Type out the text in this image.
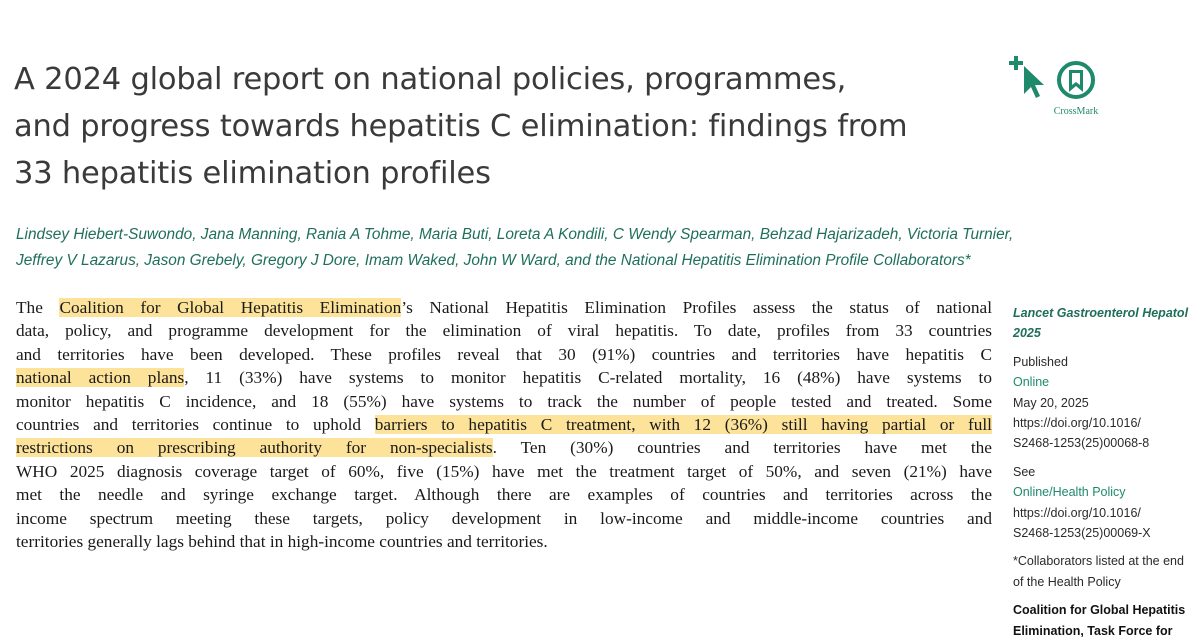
A 2024 global report on national policies, programmes,
and progress towards hepatitis C elimination: findings from
33 hepatitis elimination profiles
CrossMark
Lindsey Hiebert-Suwondo, Jana Manning, Rania A Tohme, Maria Buti, Loreta A Kondili, C Wendy Spearman, Behzad Hajarizadeh, Victoria Turnier,
Jeffrey V Lazarus, Jason Grebely, Gregory J Dore, Imam Waked, John W Ward, and the National Hepatitis Elimination Profile Collaborators*
The Coalition for Global Hepatitis Elimination’s National Hepatitis Elimination Profiles assess the status of national
data, policy, and programme development for the elimination of viral hepatitis. To date, profiles from 33 countries
and territories have been developed. These profiles reveal that 30 (91%) countries and territories have hepatitis C
national action plans, 11 (33%) have systems to monitor hepatitis C-related mortality, 16 (48%) have systems to
monitor hepatitis C incidence, and 18 (55%) have systems to track the number of people tested and treated. Some
countries and territories continue to uphold barriers to hepatitis C treatment, with 12 (36%) still having partial or full
restrictions on prescribing authority for non-specialists. Ten (30%) countries and territories have met the
WHO 2025 diagnosis coverage target of 60%, five (15%) have met the treatment target of 50%, and seven (21%) have
met the needle and syringe exchange target. Although there are examples of countries and territories across the
income spectrum meeting these targets, policy development in low-income and middle-income countries and
territories generally lags behind that in high-income countries and territories.
Lancet Gastroenterol Hepatol
2025
Published
Online
May 20, 2025
https://doi.org/10.1016/
S2468-1253(25)00068-8
See
Online/Health Policy
https://doi.org/10.1016/
S2468-1253(25)00069-X
*Collaborators listed at the end
of the Health Policy
Coalition for Global Hepatitis
Elimination, Task Force for
